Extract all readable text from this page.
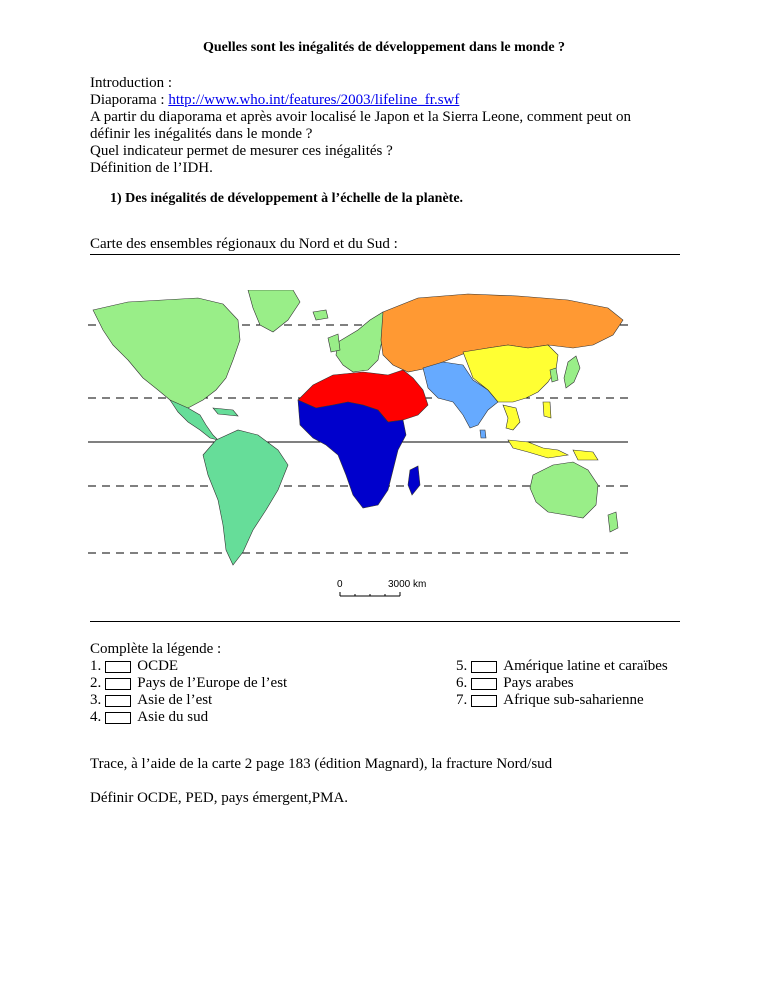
Quelles sont les inégalités de développement dans le monde ?
Introduction :
Diaporama : http://www.who.int/features/2003/lifeline_fr.swf
A partir du diaporama et après avoir localisé le Japon et la Sierra Leone, comment peut on
définir les inégalités dans le monde ?
Quel indicateur permet de mesurer ces inégalités ?
Définition de l’IDH.
1) Des inégalités de développement à l’échelle de la planète.
Carte des ensembles régionaux du Nord et du Sud :
0	3000 km
Complète la légende :
1. OCDE
2. Pays de l’Europe de l’est
3. Asie de l’est
4. Asie du sud
5. Amérique latine et caraïbes
6. Pays arabes
7. Afrique sub-saharienne
Trace, à l’aide de la carte 2 page 183 (édition Magnard), la fracture Nord/sud
Définir OCDE, PED, pays émergent,PMA.
